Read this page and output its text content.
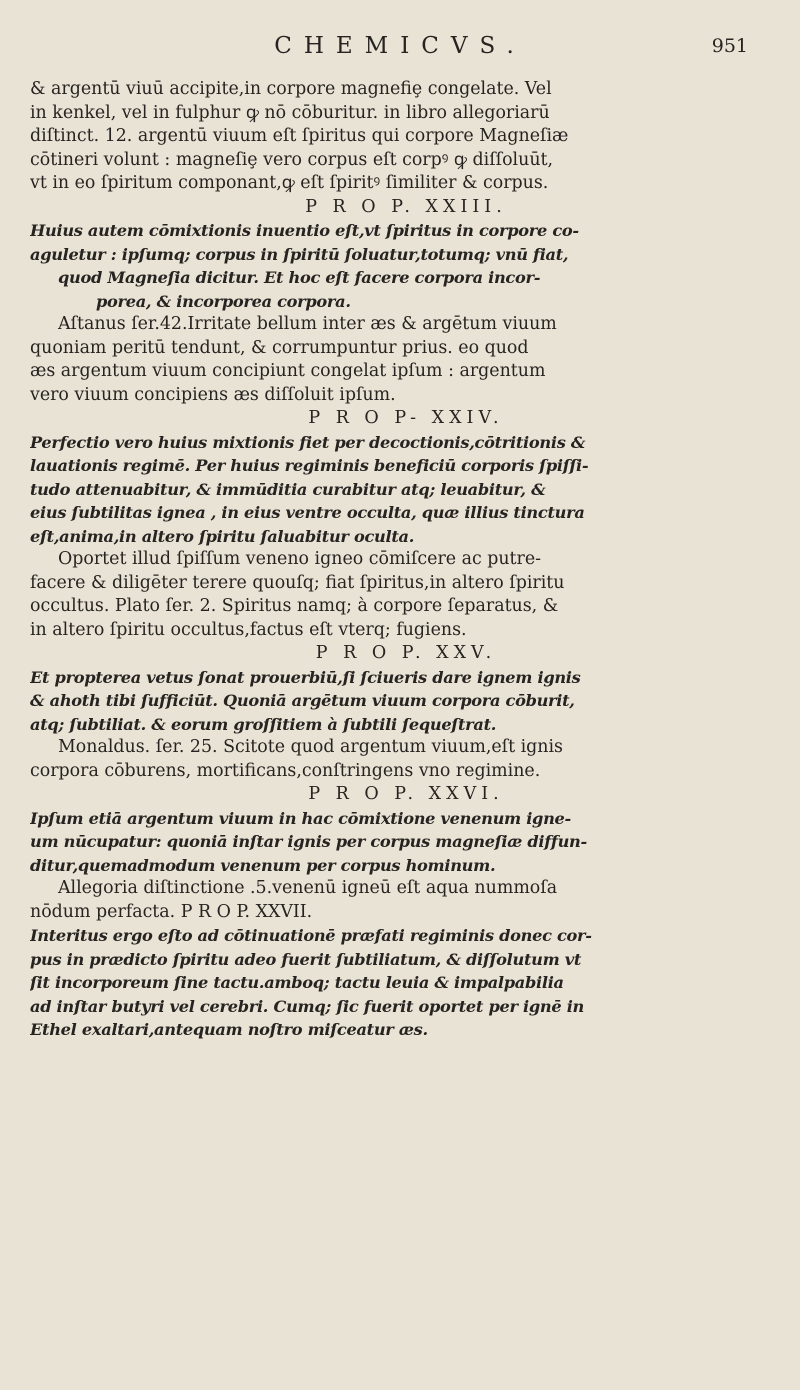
CHEMICVS.	951
& argentū viuū accipite,in corpore magnefiȩ congelate. Vel
in kenkel, vel in fulphur ꝙ nō cōburitur. in libro allegoriarū
diſtinct. 12. argentū viuum eſt ſpiritus qui corpore Magneſiæ
cōtineri volunt : magneſiȩ vero corpus eſt corpꝰ ꝙ diſſoluūt,
vt in eo ſpiritum componant,ꝙ eſt ſpiritꝰ ſimiliter & corpus.
P R O P. XXIII.
Huius autem cōmixtionis inuentio eſt,vt ſpiritus in corpore co-
aguletur : ipſumq; corpus in ſpiritū ſoluatur,totumq; vnū fiat,
quod Magneſia dicitur. Et hoc eſt facere corpora incor-
porea, & incorporea corpora.
Aſtanus ſer.42.Irritate bellum inter æs & argētum viuum
quoniam peritū tendunt, & corrumpuntur prius. eo quod
æs argentum viuum concipiunt congelat ipſum : argentum
vero viuum concipiens æs diſſoluit ipſum.
P R O P- XXIV.
Perfectio vero huius mixtionis fiet per decoctionis,cōtritionis &
lauationis regimē. Per huius regiminis beneficiū corporis ſpiſſi-
tudo attenuabitur, & immūditia curabitur atq; leuabitur, &
eius ſubtilitas ignea , in eius ventre occulta, quæ illius tinctura
eſt,anima,in altero ſpiritu ſaluabitur oculta.
Oportet illud ſpiſſum veneno igneo cōmiſcere ac putre-
facere & diligēter terere quouſq; fiat ſpiritus,in altero ſpiritu
occultus. Plato ſer. 2. Spiritus namq; à corpore ſeparatus, &
in altero ſpiritu occultus,factus eſt vterq; fugiens.
P R O P. XXV.
Et propterea vetus ſonat prouerbiū,ſi ſciueris dare ignem ignis
& ahoth tibi ſufficiūt. Quoniā argētum viuum corpora cōburit,
atq; ſubtiliat. & eorum groſſitiem à ſubtili ſequeſtrat.
Monaldus. ſer. 25. Scitote quod argentum viuum,eſt ignis
corpora cōburens, mortificans,conſtringens vno regimine.
P R O P. XXVI.
Ipſum etiā argentum viuum in hac cōmixtione venenum igne-
um nūcupatur: quoniā inſtar ignis per corpus magneſiæ diffun-
ditur,quemadmodum venenum per corpus hominum.
Allegoria diſtinctione .5.venenū igneū eſt aqua nummoſa
nōdum perfacta. P R O P. XXVII.
Interitus ergo eſto ad cōtinuationē præfati regiminis donec cor-
pus in prædicto ſpiritu adeo fuerit ſubtiliatum, & diſſolutum vt
ſit incorporeum ſine tactu.amboq; tactu leuia & impalpabilia
ad inſtar butyri vel cerebri. Cumq; ſic fuerit oportet per ignē in
Ethel exaltari,antequam noſtro miſceatur æs.
